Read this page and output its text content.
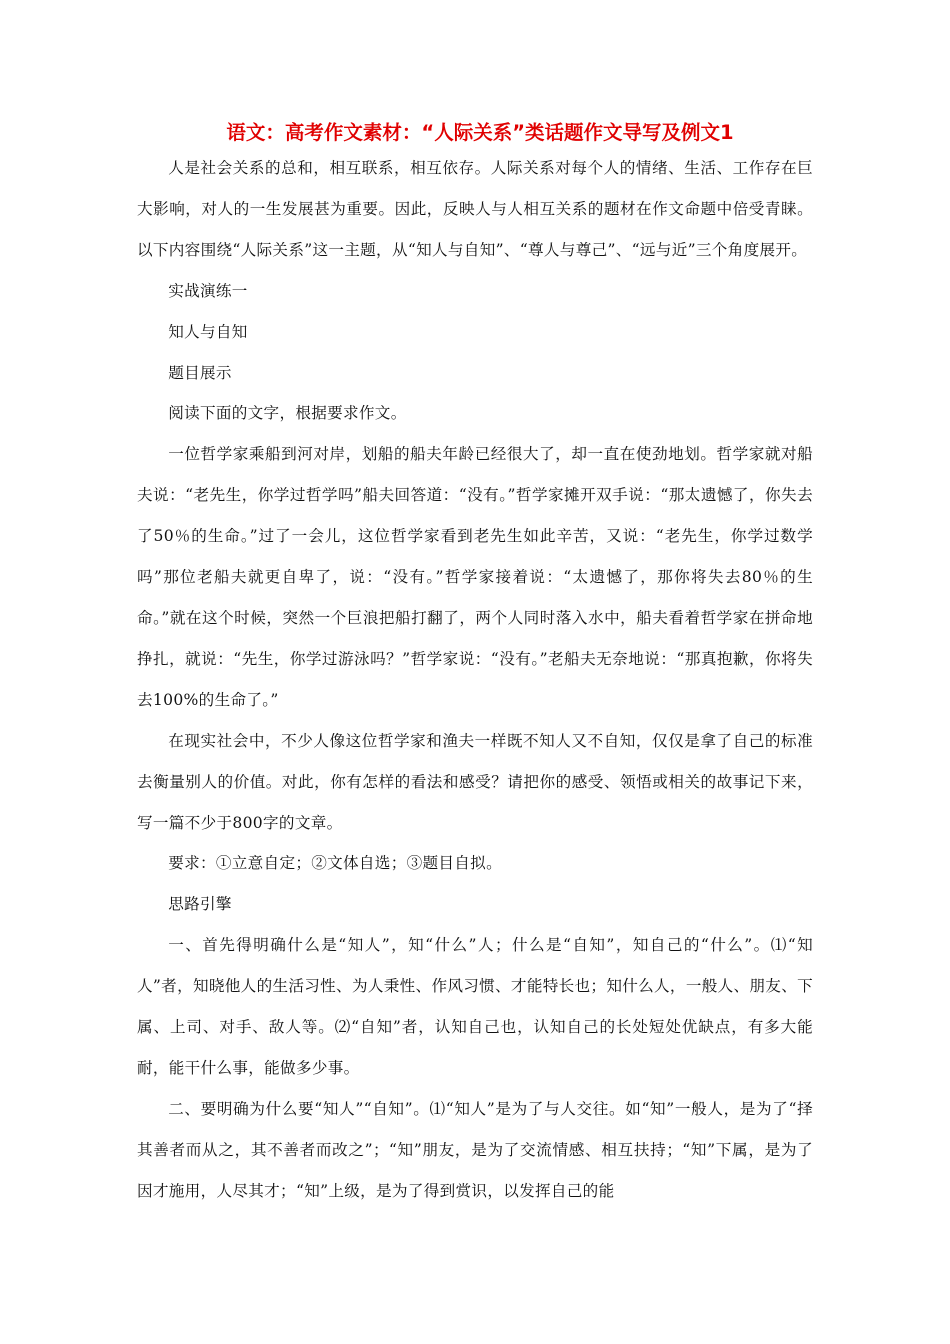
语文：高考作文素材：“人际关系”类话题作文导写及例文1

人是社会关系的总和，相互联系，相互依存。人际关系对每个人的情绪、生活、工作存在巨大影响，对人的一生发展甚为重要。因此，反映人与人相互关系的题材在作文命题中倍受青睐。以下内容围绕“人际关系”这一主题，从“知人与自知”、“尊人与尊己”、“远与近”三个角度展开。

实战演练一

知人与自知

题目展示

阅读下面的文字，根据要求作文。

一位哲学家乘船到河对岸，划船的船夫年龄已经很大了，却一直在使劲地划。哲学家就对船夫说：“老先生，你学过哲学吗”船夫回答道：“没有。”哲学家摊开双手说：“那太遗憾了，你失去了50％的生命。”过了一会儿，这位哲学家看到老先生如此辛苦，又说：“老先生，你学过数学吗”那位老船夫就更自卑了，说：“没有。”哲学家接着说：“太遗憾了，那你将失去80％的生命。”就在这个时候，突然一个巨浪把船打翻了，两个人同时落入水中，船夫看着哲学家在拼命地挣扎，就说：“先生，你学过游泳吗？”哲学家说：“没有。”老船夫无奈地说：“那真抱歉，你将失去100%的生命了。”

在现实社会中，不少人像这位哲学家和渔夫一样既不知人又不自知，仅仅是拿了自己的标准去衡量别人的价值。对此，你有怎样的看法和感受？请把你的感受、领悟或相关的故事记下来，写一篇不少于800字的文章。

要求：①立意自定；②文体自选；③题目自拟。

思路引擎

一、首先得明确什么是“知人”，知“什么”人；什么是“自知”，知自己的“什么”。⑴“知人”者，知晓他人的生活习性、为人秉性、作风习惯、才能特长也；知什么人，一般人、朋友、下属、上司、对手、敌人等。⑵“自知”者，认知自己也，认知自己的长处短处优缺点，有多大能耐，能干什么事，能做多少事。

二、要明确为什么要“知人”“自知”。⑴“知人”是为了与人交往。如“知”一般人，是为了“择其善者而从之，其不善者而改之”；“知”朋友，是为了交流情感、相互扶持；“知”下属，是为了因才施用，人尽其才；“知”上级，是为了得到赏识，以发挥自己的能
